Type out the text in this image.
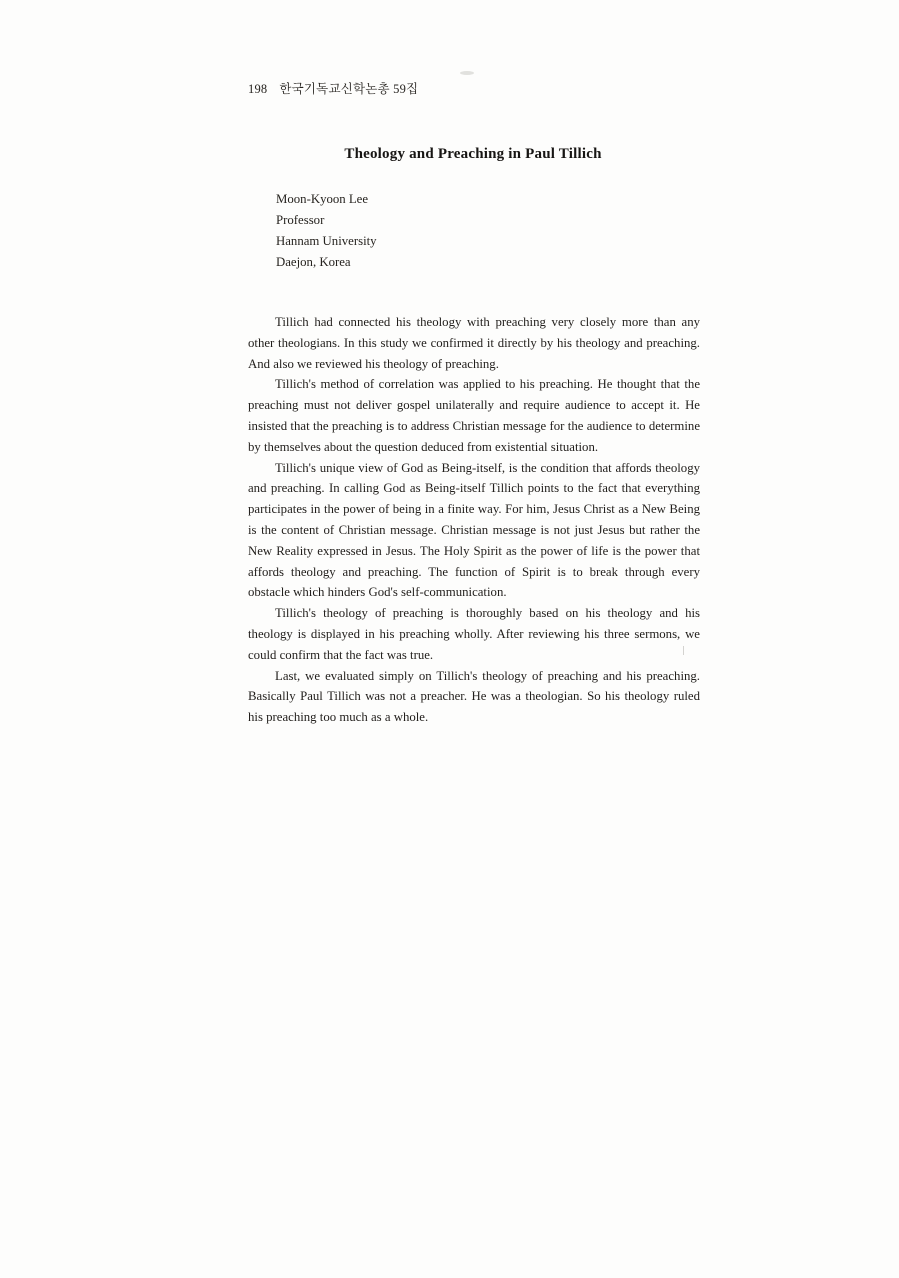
198 한국기독교신학논총 59집
Theology and Preaching in Paul Tillich
Moon-Kyoon Lee
Professor
Hannam University
Daejon, Korea

Tillich had connected his theology with preaching very closely more than any other theologians. In this study we confirmed it directly by his theology and preaching. And also we reviewed his theology of preaching.

Tillich's method of correlation was applied to his preaching. He thought that the preaching must not deliver gospel unilaterally and require audience to accept it. He insisted that the preaching is to address Christian message for the audience to determine by themselves about the question deduced from existential situation.

Tillich's unique view of God as Being-itself, is the condition that affords theology and preaching. In calling God as Being-itself Tillich points to the fact that everything participates in the power of being in a finite way. For him, Jesus Christ as a New Being is the content of Christian message. Christian message is not just Jesus but rather the New Reality expressed in Jesus. The Holy Spirit as the power of life is the power that affords theology and preaching. The function of Spirit is to break through every obstacle which hinders God's self-communication.

Tillich's theology of preaching is thoroughly based on his theology and his theology is displayed in his preaching wholly. After reviewing his three sermons, we could confirm that the fact was true.

Last, we evaluated simply on Tillich's theology of preaching and his preaching. Basically Paul Tillich was not a preacher. He was a theologian. So his theology ruled his preaching too much as a whole.
